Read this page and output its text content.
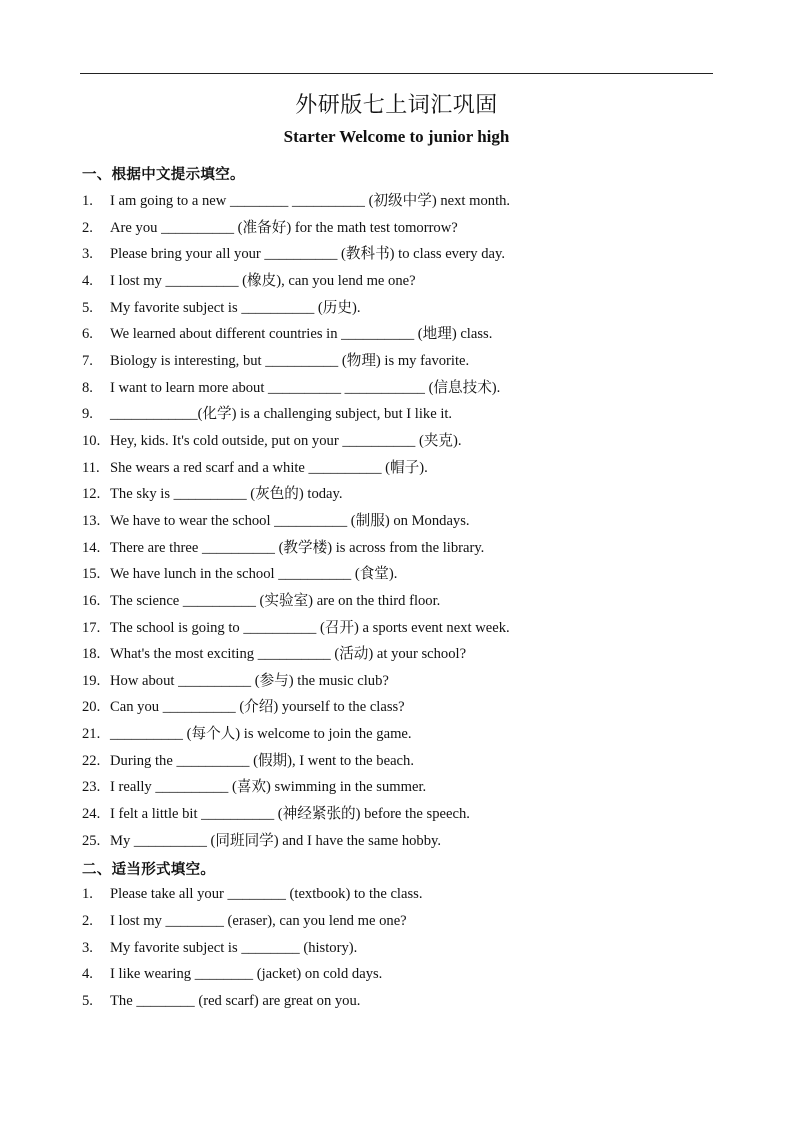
外研版七上词汇巩固
Starter Welcome to junior high
一、根据中文提示填空。
1. I am going to a new ________ __________ (初级中学) next month.
2. Are you __________ (准备好) for the math test tomorrow?
3. Please bring your all your __________ (教科书) to class every day.
4. I lost my __________ (橡皮), can you lend me one?
5. My favorite subject is __________ (历史).
6. We learned about different countries in __________ (地理) class.
7. Biology is interesting, but __________ (物理) is my favorite.
8. I want to learn more about __________ ___________ (信息技术).
9. ____________(化学) is a challenging subject, but I like it.
10. Hey, kids. It's cold outside, put on your __________ (夹克).
11. She wears a red scarf and a white __________ (帽子).
12. The sky is __________ (灰色的) today.
13. We have to wear the school __________ (制服) on Mondays.
14. There are three __________ (教学楼) is across from the library.
15. We have lunch in the school __________ (食堂).
16. The science __________ (实验室) are on the third floor.
17. The school is going to __________ (召开) a sports event next week.
18. What's the most exciting __________ (活动) at your school?
19. How about __________ (参与) the music club?
20. Can you __________ (介绍) yourself to the class?
21. __________ (每个人) is welcome to join the game.
22. During the __________ (假期), I went to the beach.
23. I really __________ (喜欢) swimming in the summer.
24. I felt a little bit __________ (神经紧张的) before the speech.
25. My __________ (同班同学) and I have the same hobby.
二、适当形式填空。
1. Please take all your ________ (textbook) to the class.
2. I lost my ________ (eraser), can you lend me one?
3. My favorite subject is ________ (history).
4. I like wearing ________ (jacket) on cold days.
5. The ________ (red scarf) are great on you.
